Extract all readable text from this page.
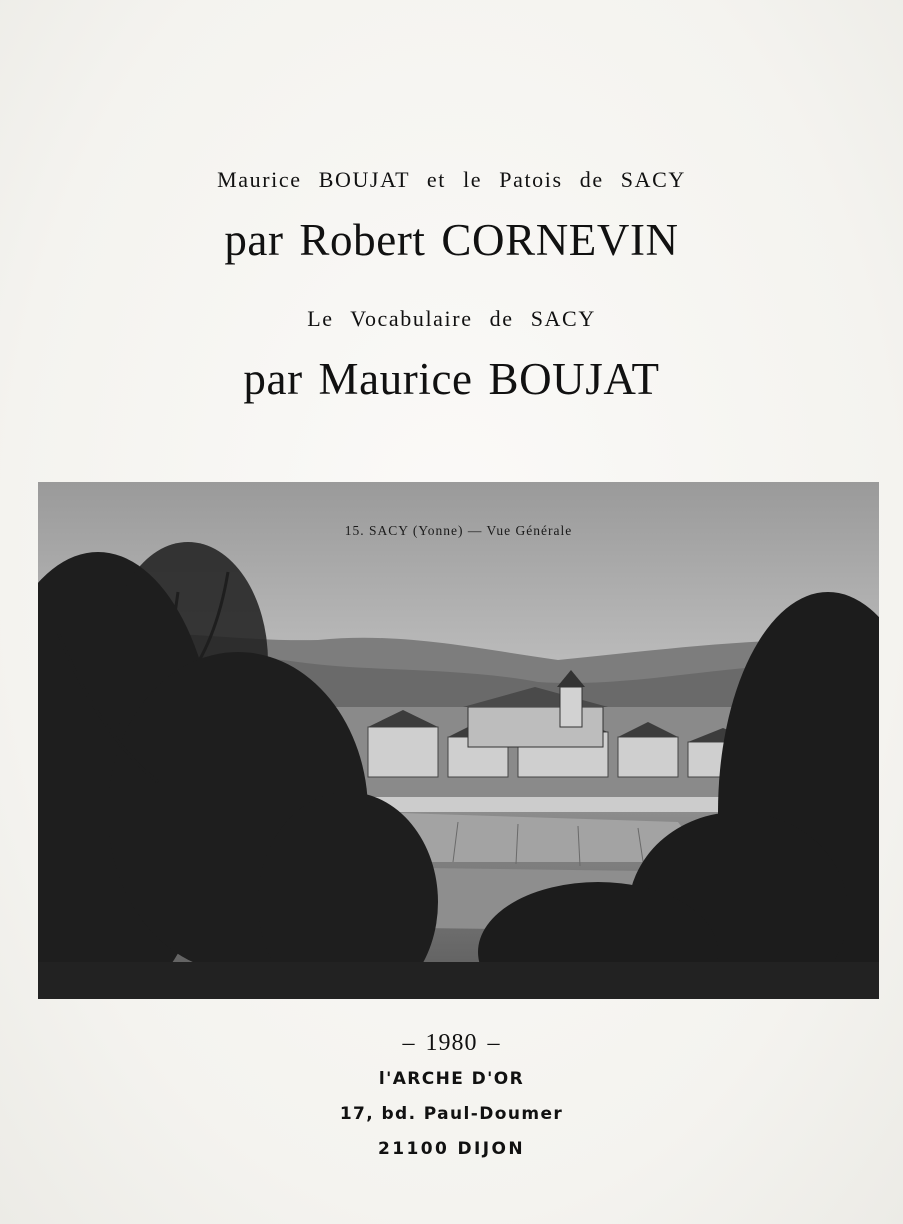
Maurice BOUJAT et le Patois de SACY
par Robert CORNEVIN
Le Vocabulaire de SACY
par Maurice BOUJAT
15. SACY (Yonne) — Vue Générale
– 1980 –
l'ARCHE D'OR
17, bd. Paul-Doumer
21100 DIJON
